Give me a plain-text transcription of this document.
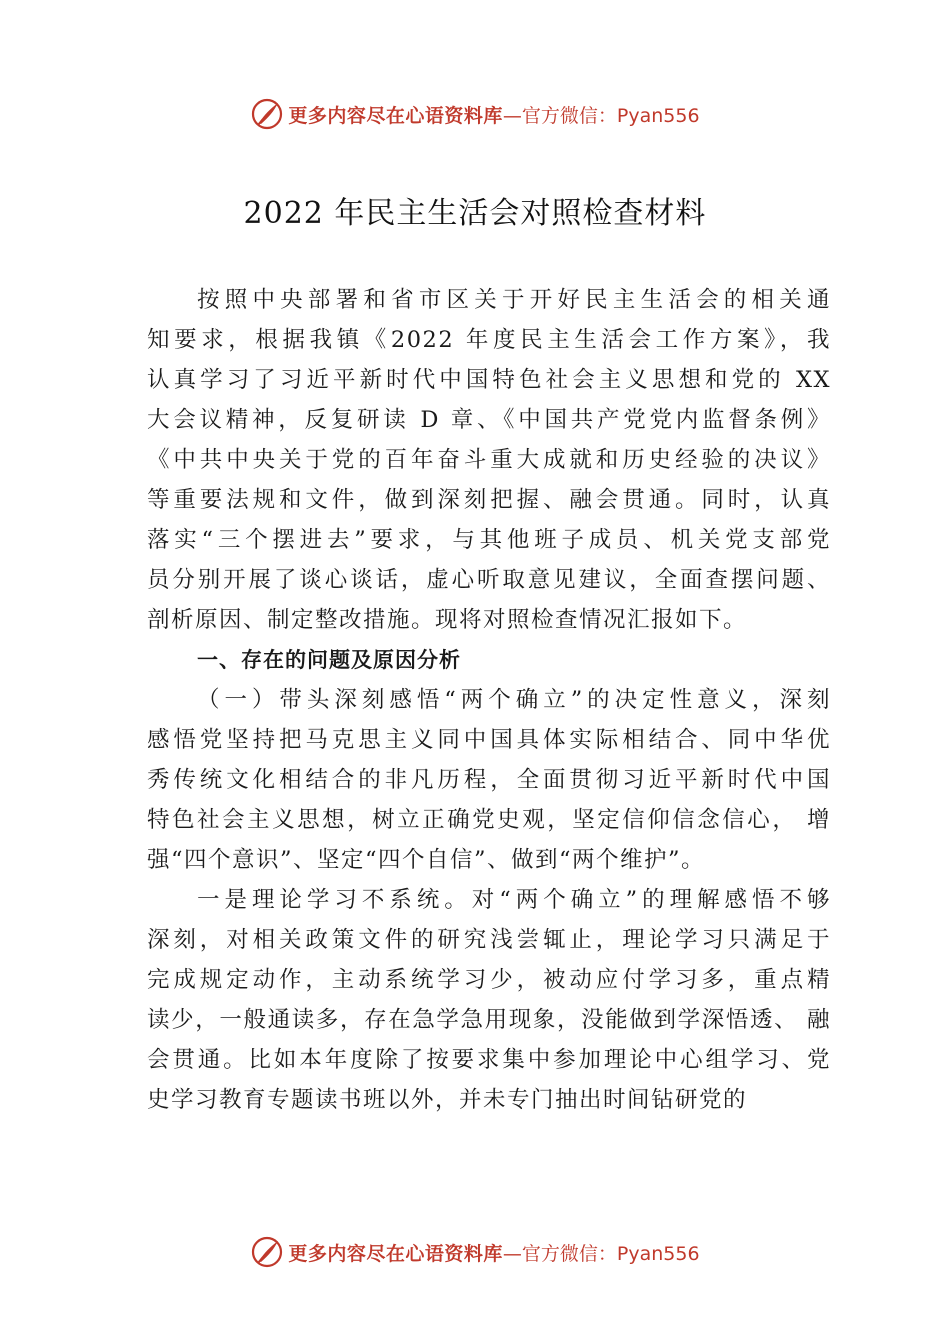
更多内容尽在心语资料库 —官方微信：Pyan556
2022 年民主生活会对照检查材料
按照中央部署和省市区关于开好民主生活会的相关通
知要求，根据我镇《2022 年度民主生活会工作方案》，我
认真学习了习近平新时代中国特色社会主义思想和党的 XX
大会议精神，反复研读 D 章、《中国共产党党内监督条例》
《中共中央关于党的百年奋斗重大成就和历史经验的决议》
等重要法规和文件，做到深刻把握、融会贯通。同时，认真
落实“三个摆进去”要求，与其他班子成员、机关党支部党
员分别开展了谈心谈话，虚心听取意见建议，全面查摆问题、
剖析原因、制定整改措施。现将对照检查情况汇报如下。
一、存在的问题及原因分析
（一）带头深刻感悟“两个确立”的决定性意义，深刻
感悟党坚持把马克思主义同中国具体实际相结合、同中华优
秀传统文化相结合的非凡历程，全面贯彻习近平新时代中国
特色社会主义思想，树立正确党史观，坚定信仰信念信心， 增
强“四个意识”、坚定“四个自信”、做到“两个维护”。
一是理论学习不系统。对“两个确立”的理解感悟不够
深刻，对相关政策文件的研究浅尝辄止，理论学习只满足于
完成规定动作，主动系统学习少，被动应付学习多，重点精
读少，一般通读多，存在急学急用现象，没能做到学深悟透、 融
会贯通。比如本年度除了按要求集中参加理论中心组学习、党
史学习教育专题读书班以外，并未专门抽出时间钻研党的
更多内容尽在心语资料库 —官方微信：Pyan556
